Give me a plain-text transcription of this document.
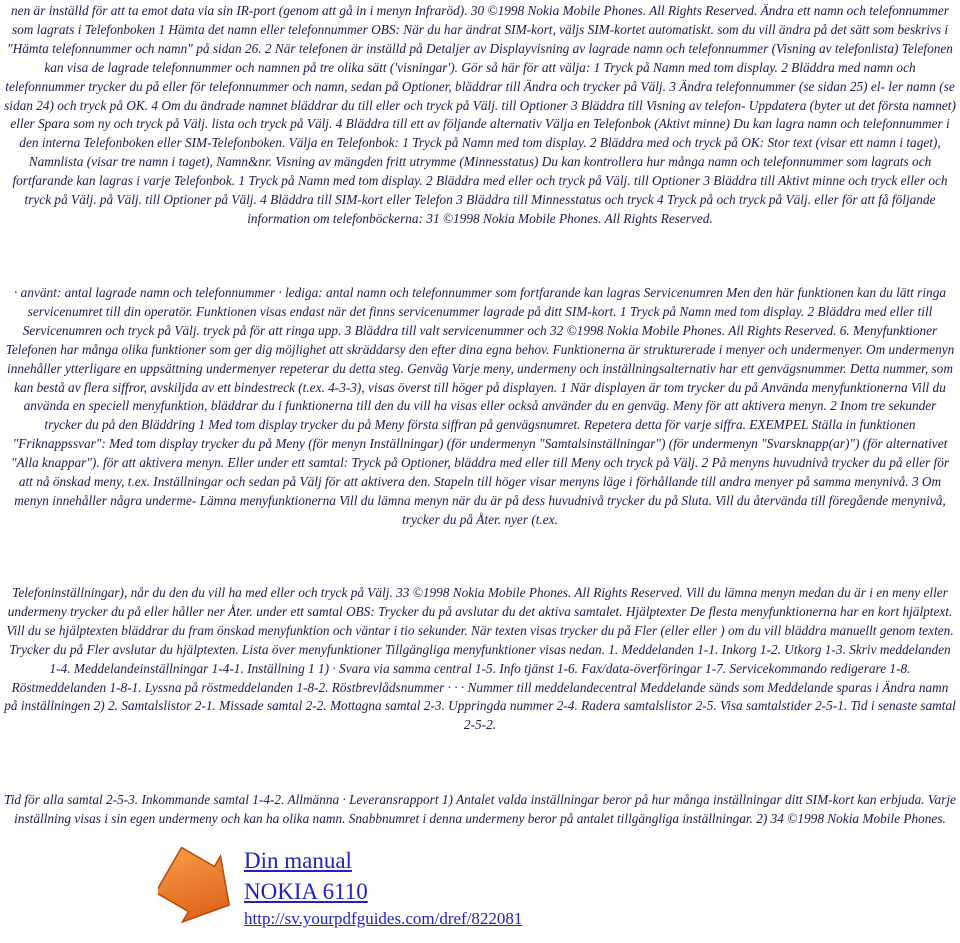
nen är inställd för att ta emot data via sin IR-port (genom att gå in i menyn Infraröd). 30 ©1998 Nokia Mobile Phones. All Rights Reserved. Ändra ett namn och telefonnummer som lagrats i Telefonboken 1 Hämta det namn eller telefonnummer OBS: När du har ändrat SIM-kort, väljs SIM-kortet automatiskt. som du vill ändra på det sätt som beskrivs i "Hämta telefonnummer och namn" på sidan 26. 2 När telefonen är inställd på Detaljer av Displayvisning av lagrade namn och telefonnummer (Visning av telefonlista) Telefonen kan visa de lagrade telefonnummer och namnen på tre olika sätt ('visningar'). Gör så här för att välja: 1 Tryck på Namn med tom display. 2 Bläddra med namn och telefonnummer trycker du på eller för telefonnummer och namn, sedan på Optioner, bläddrar till Ändra och trycker på Välj. 3 Ändra telefonnummer (se sidan 25) el- ler namn (se sidan 24) och tryck på OK. 4 Om du ändrade namnet bläddrar du till eller och tryck på Välj. till Optioner 3 Bläddra till Visning av telefon- Uppdatera (byter ut det första namnet) eller Spara som ny och tryck på Välj. lista och tryck på Välj. 4 Bläddra till ett av följande alternativ Välja en Telefonbok (Aktivt minne) Du kan lagra namn och telefonnummer i den interna Telefonboken eller SIM-Telefonboken. Välja en Telefonbok: 1 Tryck på Namn med tom display. 2 Bläddra med och tryck på OK: Stor text (visar ett namn i taget), Namnlista (visar tre namn i taget), Namn&nr. Visning av mängden fritt utrymme (Minnesstatus) Du kan kontrollera hur många namn och telefonnummer som lagrats och fortfarande kan lagras i varje Telefonbok. 1 Tryck på Namn med tom display. 2 Bläddra med eller och tryck på Välj. till Optioner 3 Bläddra till Aktivt minne och tryck eller och tryck på Välj. på Välj. till Optioner på Välj. 4 Bläddra till SIM-kort eller Telefon 3 Bläddra till Minnesstatus och tryck 4 Tryck på och tryck på Välj. eller för att få följande information om telefonböckerna: 31 ©1998 Nokia Mobile Phones. All Rights Reserved.

· använt: antal lagrade namn och telefonnummer · lediga: antal namn och telefonnummer som fortfarande kan lagras Servicenumren Men den här funktionen kan du lätt ringa servicenumret till din operatör. Funktionen visas endast när det finns servicenummer lagrade på ditt SIM-kort. 1 Tryck på Namn med tom display. 2 Bläddra med eller till Servicenumren och tryck på Välj. tryck på för att ringa upp. 3 Bläddra till valt servicenummer och 32 ©1998 Nokia Mobile Phones. All Rights Reserved. 6. Menyfunktioner Telefonen har många olika funktioner som ger dig möjlighet att skräddarsy den efter dina egna behov. Funktionerna är strukturerade i menyer och undermenyer. Om undermenyn innehåller ytterligare en uppsättning undermenyer repeterar du detta steg. Genväg Varje meny, undermeny och inställningsalternativ har ett genvägsnummer. Detta nummer, som kan bestå av flera siffror, avskiljda av ett bindestreck (t.ex. 4-3-3), visas överst till höger på displayen. 1 När displayen är tom trycker du på Använda menyfunktionerna Vill du använda en speciell menyfunktion, bläddrar du i funktionerna till den du vill ha visas eller också använder du en genväg. Meny för att aktivera menyn. 2 Inom tre sekunder trycker du på den Bläddring 1 Med tom display trycker du på Meny första siffran på genvägsnumret. Repetera detta för varje siffra. EXEMPEL Ställa in funktionen "Friknappssvar": Med tom display trycker du på Meny (för menyn Inställningar) (för undermenyn "Samtalsinställningar") (för undermenyn "Svarsknapp(ar)") (för alternativet "Alla knappar"). för att aktivera menyn. Eller under ett samtal: Tryck på Optioner, bläddra med eller till Meny och tryck på Välj. 2 På menyns huvudnivå trycker du på eller för att nå önskad meny, t.ex. Inställningar och sedan på Välj för att aktivera den. Stapeln till höger visar menyns läge i förhållande till andra menyer på samma menynivå. 3 Om menyn innehåller några underme- Lämna menyfunktionerna Vill du lämna menyn när du är på dess huvudnivå trycker du på Sluta. Vill du återvända till föregående menynivå, trycker du på Åter. nyer (t.ex.

Telefoninställningar), når du den du vill ha med eller och tryck på Välj. 33 ©1998 Nokia Mobile Phones. All Rights Reserved. Vill du lämna menyn medan du är i en meny eller undermeny trycker du på eller håller ner Åter. under ett samtal OBS: Trycker du på avslutar du det aktiva samtalet. Hjälptexter De flesta menyfunktionerna har en kort hjälptext. Vill du se hjälptexten bläddrar du fram önskad menyfunktion och väntar i tio sekunder. När texten visas trycker du på Fler (eller eller ) om du vill bläddra manuellt genom texten. Trycker du på Fler avslutar du hjälptexten. Lista över menyfunktioner Tillgängliga menyfunktioner visas nedan. 1. Meddelanden 1-1. Inkorg 1-2. Utkorg 1-3. Skriv meddelanden 1-4. Meddelandeinställningar 1-4-1. Inställning 1 1) · Svara via samma central 1-5. Info tjänst 1-6. Fax/data-överföringar 1-7. Servicekommando redigerare 1-8. Röstmeddelanden 1-8-1. Lyssna på röstmeddelanden 1-8-2. Röstbrevlådsnummer · · · Nummer till meddelandecentral Meddelande sänds som Meddelande sparas i Ändra namn på inställningen 2) 2. Samtalslistor 2-1. Missade samtal 2-2. Mottagna samtal 2-3. Uppringda nummer 2-4. Radera samtalslistor 2-5. Visa samtalstider 2-5-1. Tid i senaste samtal 2-5-2.

Tid för alla samtal 2-5-3. Inkommande samtal 1-4-2. Allmänna · Leveransrapport 1) Antalet valda inställningar beror på hur många inställningar ditt SIM-kort kan erbjuda. Varje inställning visas i sin egen undermeny och kan ha olika namn. Snabbnumret i denna undermeny beror på antalet tillgängliga inställningar. 2) 34 ©1998 Nokia Mobile Phones.

Din manual
NOKIA 6110
http://sv.yourpdfguides.com/dref/822081
